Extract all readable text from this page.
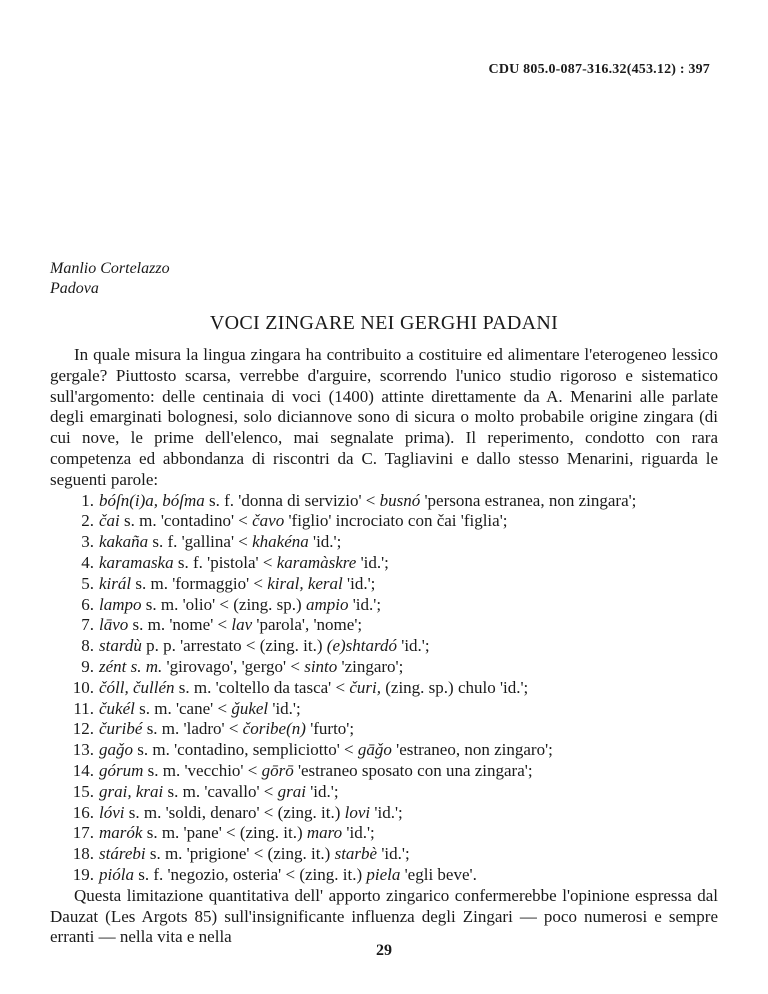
CDU 805.0-087-316.32(453.12) : 397
Manlio Cortelazzo
Padova
VOCI ZINGARE NEI GERGHI PADANI

In quale misura la lingua zingara ha contribuito a costituire ed alimentare l'eterogeneo lessico gergale? Piuttosto scarsa, verrebbe d'arguire, scorrendo l'unico studio rigoroso e sistematico sull'argomento: delle centinaia di voci (1400) attinte direttamente da A. Menarini alle parlate degli emarginati bolognesi, solo diciannove sono di sicura o molto probabile origine zingara (di cui nove, le prime dell'elenco, mai segnalate prima). Il reperimento, condotto con rara competenza ed abbondanza di riscontri da C. Tagliavini e dallo stesso Menarini, riguarda le seguenti parole:

1. bóſn(i)a, bóſma s. f. 'donna di servizio' < busnó 'persona estranea, non zingara';

2. čai s. m. 'contadino' < čavo 'figlio' incrociato con čai 'figlia';

3. kakaña s. f. 'gallina' < khakéna 'id.';

4. karamaska s. f. 'pistola' < karamàskre 'id.';

5. királ s. m. 'formaggio' < kiral, keral 'id.';

6. lampo s. m. 'olio' < (zing. sp.) ampio 'id.';

7. lāvo s. m. 'nome' < lav 'parola', 'nome';

8. stardù p. p. 'arrestato < (zing. it.) (e)shtardó 'id.';

9. zént s. m. 'girovago', 'gergo' < sinto 'zingaro';

10. čóll, čullén s. m. 'coltello da tasca' < čuri, (zing. sp.) chulo 'id.';

11. čukél s. m. 'cane' < ǧukel 'id.';

12. čuribé s. m. 'ladro' < čoribe(n) 'furto';

13. gaǧo s. m. 'contadino, sempliciotto' < gāǧo 'estraneo, non zingaro';

14. górum s. m. 'vecchio' < gōrō 'estraneo sposato con una zingara';

15. grai, krai s. m. 'cavallo' < grai 'id.';

16. lóvi s. m. 'soldi, denaro' < (zing. it.) lovi 'id.';

17. marók s. m. 'pane' < (zing. it.) maro 'id.';

18. stárebi s. m. 'prigione' < (zing. it.) starbè 'id.';

19. pióla s. f. 'negozio, osteria' < (zing. it.) piela 'egli beve'.

Questa limitazione quantitativa dell' apporto zingarico confermerebbe l'opinione espressa dal Dauzat (Les Argots 85) sull'insignificante influenza degli Zingari — poco numerosi e sempre erranti — nella vita e nella

29
